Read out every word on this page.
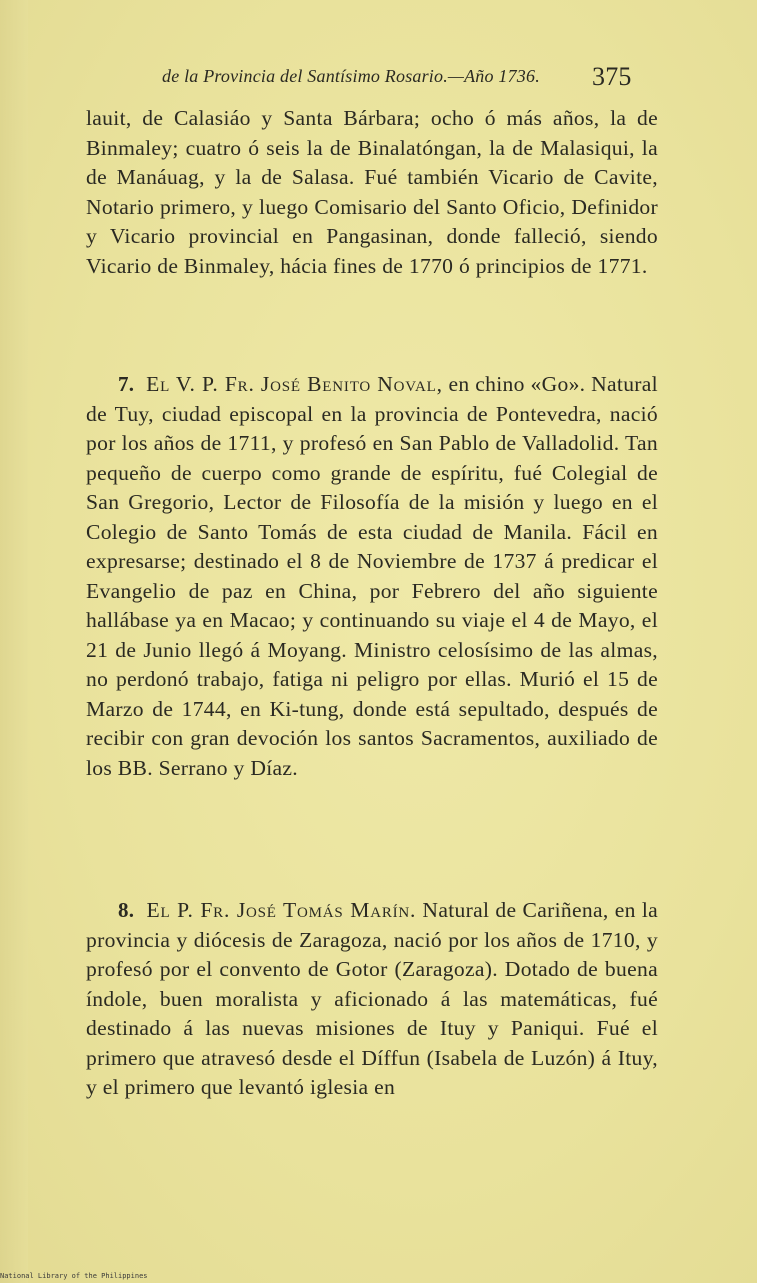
de la Provincia del Santísimo Rosario.—Año 1736. 375
lauit, de Calasiáo y Santa Bárbara; ocho ó más años, la de Binmaley; cuatro ó seis la de Binalatóngan, la de Malasiqui, la de Manáuag, y la de Salasa. Fué también Vicario de Cavite, Notario primero, y luego Comisario del Santo Oficio, Definidor y Vicario provincial en Pangasinan, donde falleció, siendo Vicario de Binmaley, hácia fines de 1770 ó principios de 1771.
7. El V. P. Fr. José Benito Noval, en chino «Go». Natural de Tuy, ciudad episcopal en la provincia de Pontevedra, nació por los años de 1711, y profesó en San Pablo de Valladolid. Tan pequeño de cuerpo como grande de espíritu, fué Colegial de San Gregorio, Lector de Filosofía de la misión y luego en el Colegio de Santo Tomás de esta ciudad de Manila. Fácil en expresarse; destinado el 8 de Noviembre de 1737 á predicar el Evangelio de paz en China, por Febrero del año siguiente hallábase ya en Macao; y continuando su viaje el 4 de Mayo, el 21 de Junio llegó á Moyang. Ministro celosísimo de las almas, no perdonó trabajo, fatiga ni peligro por ellas. Murió el 15 de Marzo de 1744, en Ki-tung, donde está sepultado, después de recibir con gran devoción los santos Sacramentos, auxiliado de los BB. Serrano y Díaz.
8. El P. Fr. José Tomás Marín. Natural de Cariñena, en la provincia y diócesis de Zaragoza, nació por los años de 1710, y profesó por el convento de Gotor (Zaragoza). Dotado de buena índole, buen moralista y aficionado á las matemáticas, fué destinado á las nuevas misiones de Ituy y Paniqui. Fué el primero que atravesó desde el Díffun (Isabela de Luzón) á Ituy, y el primero que levantó iglesia en
National Library of the Philippines
